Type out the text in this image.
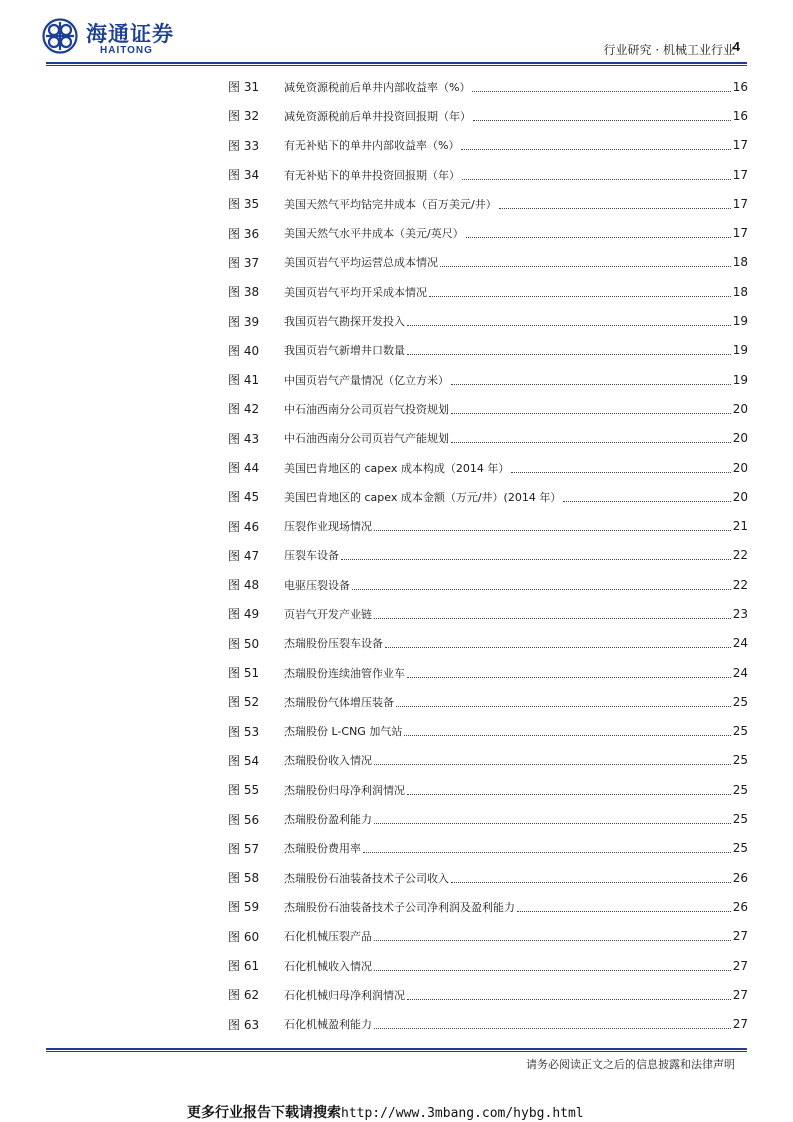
海通证券
HAITONG	行业研究 · 机械工业行业
4
图 31	减免资源税前后单井内部收益率（%）	16
图 32	减免资源税前后单井投资回报期（年）	16
图 33	有无补贴下的单井内部收益率（%）	17
图 34	有无补贴下的单井投资回报期（年）	17
图 35	美国天然气平均钻完井成本（百万美元/井）	17
图 36	美国天然气水平井成本（美元/英尺）	17
图 37	美国页岩气平均运营总成本情况	18
图 38	美国页岩气平均开采成本情况	18
图 39	我国页岩气勘探开发投入	19
图 40	我国页岩气新增井口数量	19
图 41	中国页岩气产量情况（亿立方米）	19
图 42	中石油西南分公司页岩气投资规划	20
图 43	中石油西南分公司页岩气产能规划	20
图 44	美国巴肯地区的 capex 成本构成（2014 年）	20
图 45	美国巴肯地区的 capex 成本金额（万元/井）(2014 年）	20
图 46	压裂作业现场情况	21
图 47	压裂车设备	22
图 48	电驱压裂设备	22
图 49	页岩气开发产业链	23
图 50	杰瑞股份压裂车设备	24
图 51	杰瑞股份连续油管作业车	24
图 52	杰瑞股份气体增压装备	25
图 53	杰瑞股份 L-CNG 加气站	25
图 54	杰瑞股份收入情况	25
图 55	杰瑞股份归母净利润情况	25
图 56	杰瑞股份盈利能力	25
图 57	杰瑞股份费用率	25
图 58	杰瑞股份石油装备技术子公司收入	26
图 59	杰瑞股份石油装备技术子公司净利润及盈利能力	26
图 60	石化机械压裂产品	27
图 61	石化机械收入情况	27
图 62	石化机械归母净利润情况	27
图 63	石化机械盈利能力	27
请务必阅读正文之后的信息披露和法律声明
更多行业报告下载请搜索http://www.3mbang.com/hybg.html
